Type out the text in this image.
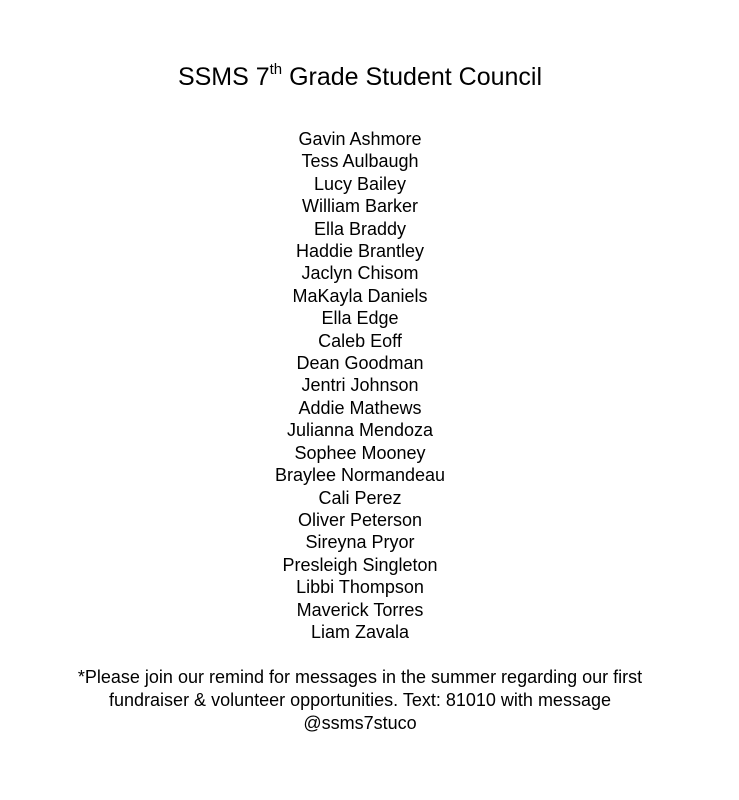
SSMS 7th Grade Student Council
Gavin Ashmore
Tess Aulbaugh
Lucy Bailey
William Barker
Ella Braddy
Haddie Brantley
Jaclyn Chisom
MaKayla Daniels
Ella Edge
Caleb Eoff
Dean Goodman
Jentri Johnson
Addie Mathews
Julianna Mendoza
Sophee Mooney
Braylee Normandeau
Cali Perez
Oliver Peterson
Sireyna Pryor
Presleigh Singleton
Libbi Thompson
Maverick Torres
Liam Zavala

*Please join our remind for messages in the summer regarding our first fundraiser & volunteer opportunities. Text: 81010 with message @ssms7stuco
